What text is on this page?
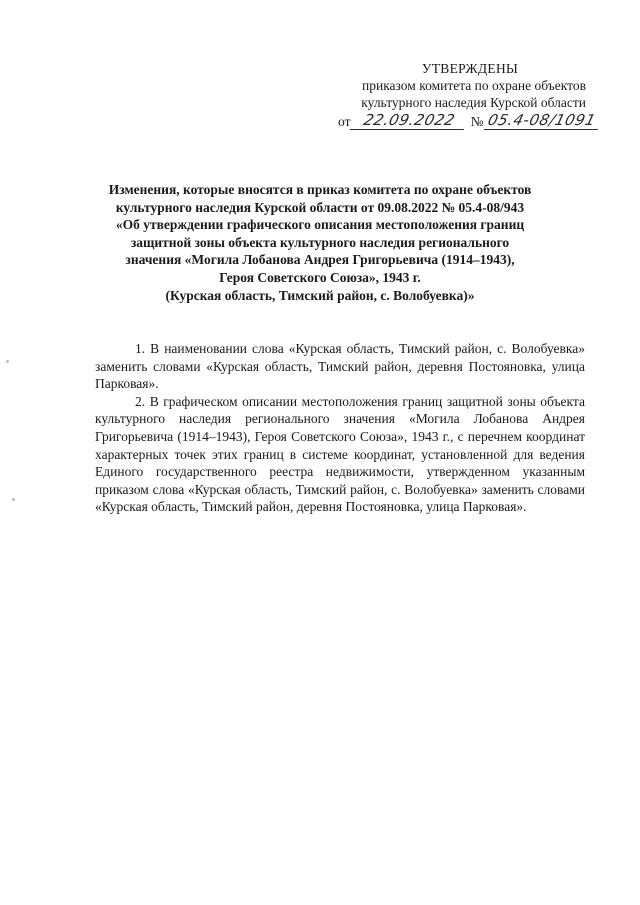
УТВЕРЖДЕНЫ
приказом комитета по охране объектов
культурного наследия Курской области
от 22.09.2022 № 05.4-08/1091
Изменения, которые вносятся в приказ комитета по охране объектов
культурного наследия Курской области от 09.08.2022 № 05.4-08/943
«Об утверждении графического описания местоположения границ
защитной зоны объекта культурного наследия регионального
значения «Могила Лобанова Андрея Григорьевича (1914–1943),
Героя Советского Союза», 1943 г.
(Курская область, Тимский район, с. Волобуевка)»

1. В наименовании слова «Курская область, Тимский район, с. Волобуевка» заменить словами «Курская область, Тимский район, деревня Постояновка, улица Парковая».

2. В графическом описании местоположения границ защитной зоны объекта культурного наследия регионального значения «Могила Лобанова Андрея Григорьевича (1914–1943), Героя Советского Союза», 1943 г., с перечнем координат характерных точек этих границ в системе координат, установленной для ведения Единого государственного реестра недвижимости, утвержденном указанным приказом слова «Курская область, Тимский район, с. Волобуевка» заменить словами «Курская область, Тимский район, деревня Постояновка, улица Парковая».
